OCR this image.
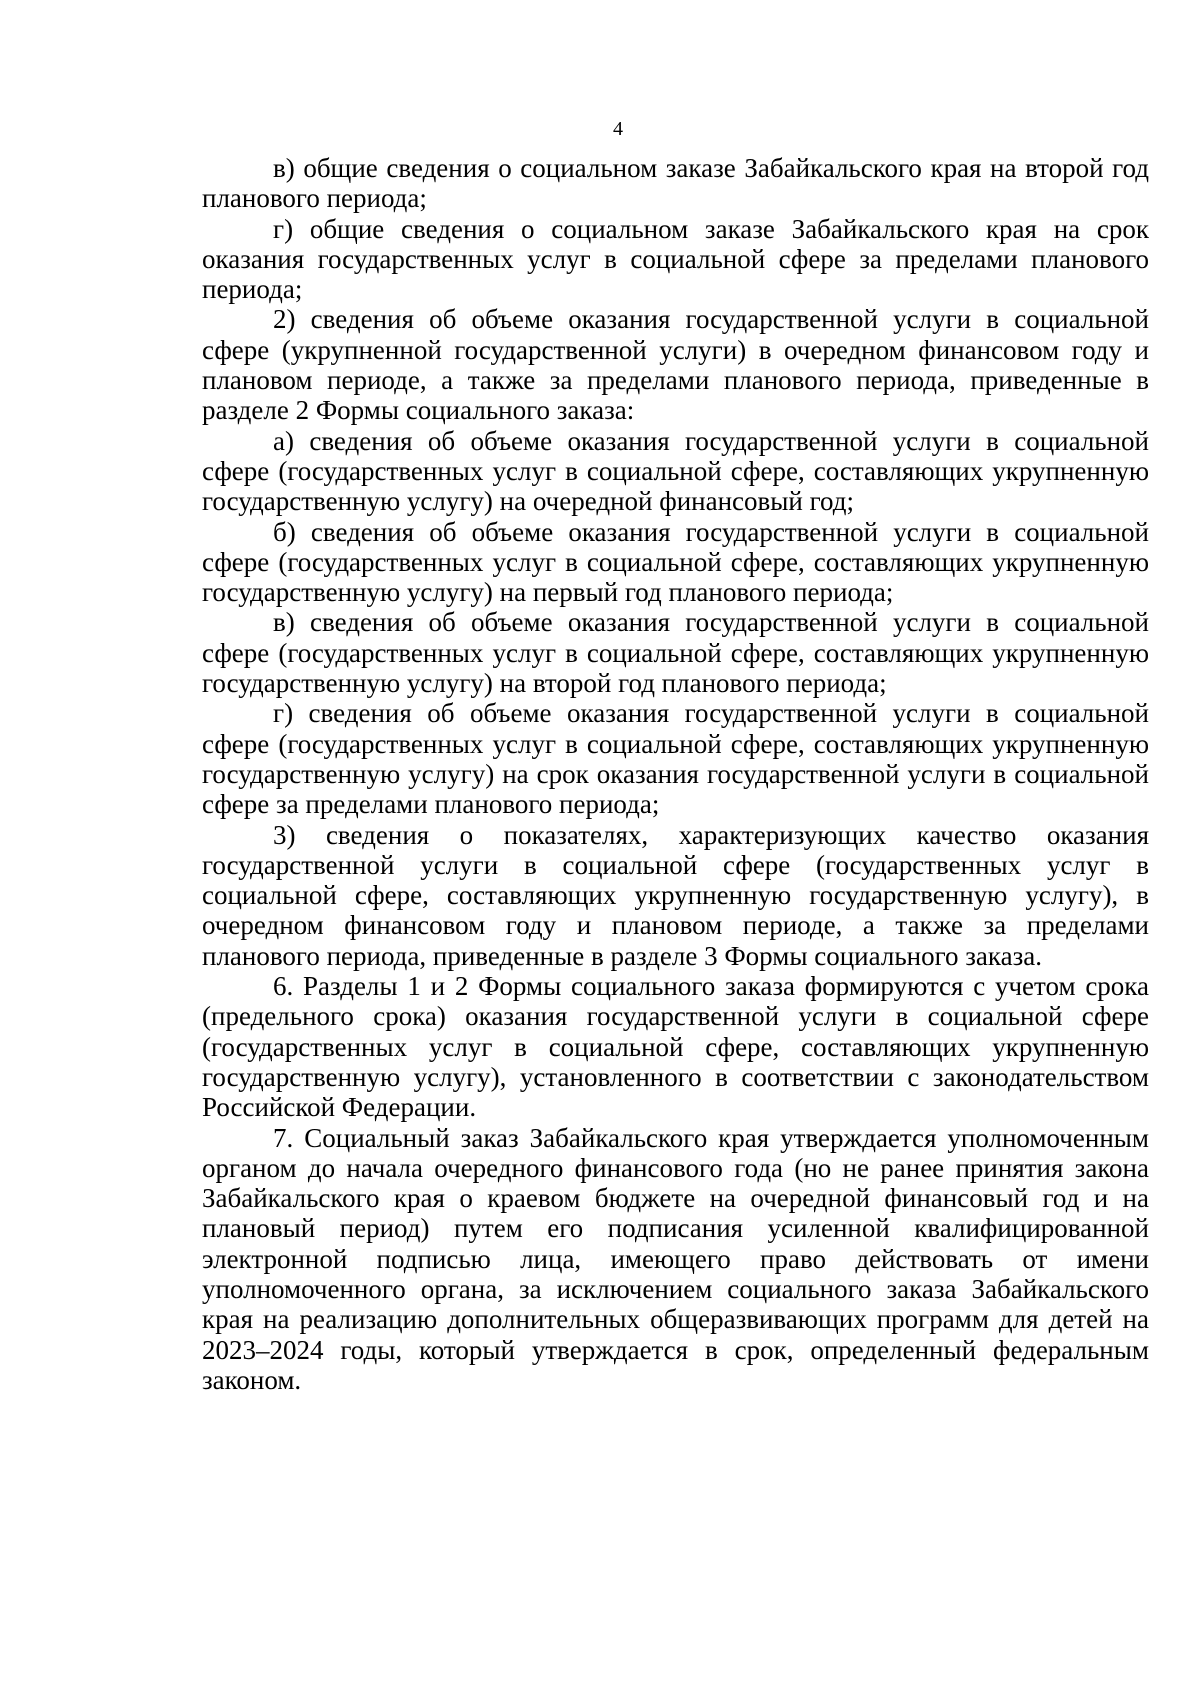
4

в) общие сведения о социальном заказе Забайкальского края на второй год планового периода;

г) общие сведения о социальном заказе Забайкальского края на срок оказания государственных услуг в социальной сфере за пределами планового периода;

2) сведения об объеме оказания государственной услуги в социальной сфере (укрупненной государственной услуги) в очередном финансовом году и плановом периоде, а также за пределами планового периода, приведенные в разделе 2 Формы социального заказа:

а) сведения об объеме оказания государственной услуги в социальной сфере (государственных услуг в социальной сфере, составляющих укрупненную государственную услугу) на очередной финансовый год;

б) сведения об объеме оказания государственной услуги в социальной сфере (государственных услуг в социальной сфере, составляющих укрупненную государственную услугу) на первый год планового периода;

в) сведения об объеме оказания государственной услуги в социальной сфере (государственных услуг в социальной сфере, составляющих укрупненную государственную услугу) на второй год планового периода;

г) сведения об объеме оказания государственной услуги в социальной сфере (государственных услуг в социальной сфере, составляющих укрупненную государственную услугу) на срок оказания государственной услуги в социальной сфере за пределами планового периода;

3) сведения о показателях, характеризующих качество оказания государственной услуги в социальной сфере (государственных услуг в социальной сфере, составляющих укрупненную государственную услугу), в очередном финансовом году и плановом периоде, а также за пределами планового периода, приведенные в разделе 3 Формы социального заказа.

6. Разделы 1 и 2 Формы социального заказа формируются с учетом срока (предельного срока) оказания государственной услуги в социальной сфере (государственных услуг в социальной сфере, составляющих укрупненную государственную услугу), установленного в соответствии с законодательством Российской Федерации.

7. Социальный заказ Забайкальского края утверждается уполномоченным органом до начала очередного финансового года (но не ранее принятия закона Забайкальского края о краевом бюджете на очередной финансовый год и на плановый период) путем его подписания усиленной квалифицированной электронной подписью лица, имеющего право действовать от имени уполномоченного органа, за исключением социального заказа Забайкальского края на реализацию дополнительных общеразвивающих программ для детей на 2023–2024 годы, который утверждается в срок, определенный федеральным законом.
